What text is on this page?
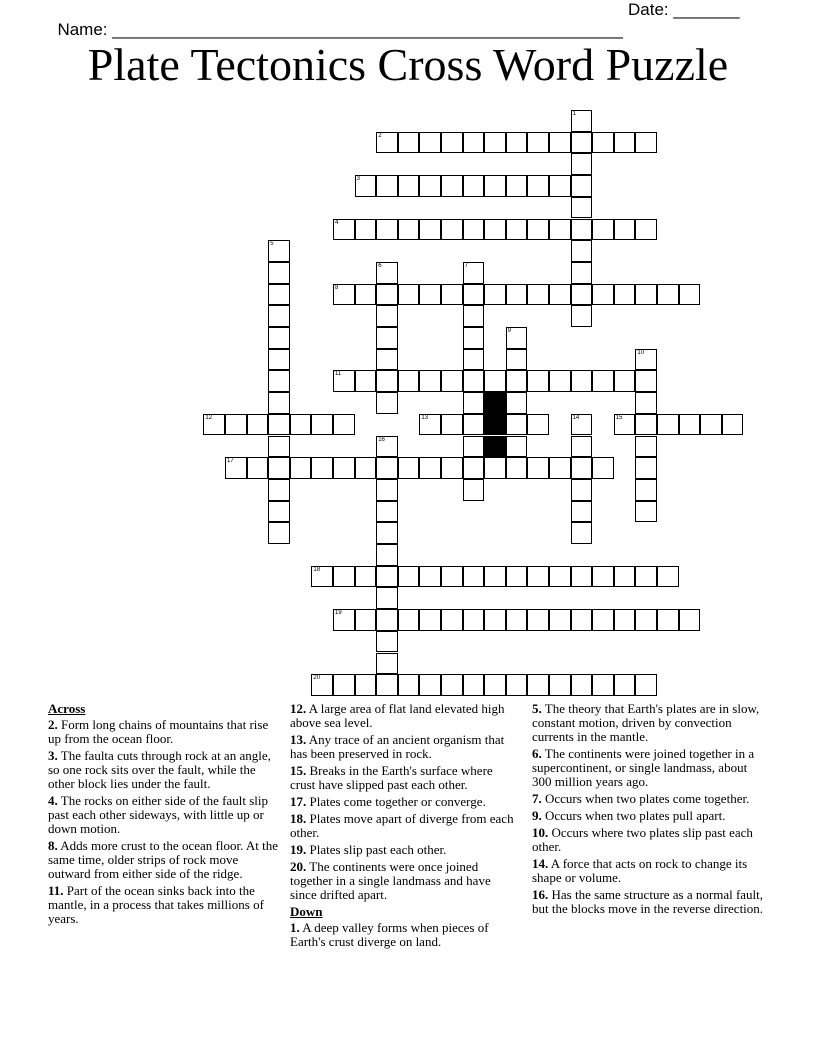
Name: ______________________________________________________

Date: _______

Plate Tectonics Cross Word Puzzle
1
2
3
4
5
6	7
8
9
10
11
12	13	14	15
16
17
18
19
20
Across
2. Form long chains of mountains that rise up from the ocean floor.
3. The faulta cuts through rock at an angle, so one rock sits over the fault, while the other block lies under the fault.
4. The rocks on either side of the fault slip past each other sideways, with little up or down motion.
8. Adds more crust to the ocean floor. At the same time, older strips of rock move outward from either side of the ridge.
11. Part of the ocean sinks back into the mantle, in a process that takes millions of years.
12. A large area of flat land elevated high above sea level.
13. Any trace of an ancient organism that has been preserved in rock.
15. Breaks in the Earth's surface where crust have slipped past each other.
17. Plates come together or converge.
18. Plates move apart of diverge from each other.
19. Plates slip past each other.
20. The continents were once joined together in a single landmass and have since drifted apart.
Down
1. A deep valley forms when pieces of Earth's crust diverge on land.
5. The theory that Earth's plates are in slow, constant motion, driven by convection currents in the mantle.
6. The continents were joined together in a supercontinent, or single landmass, about 300 million years ago.
7. Occurs when two plates come together.
9. Occurs when two plates pull apart.
10. Occurs where two plates slip past each other.
14. A force that acts on rock to change its shape or volume.
16. Has the same structure as a normal fault, but the blocks move in the reverse direction.
